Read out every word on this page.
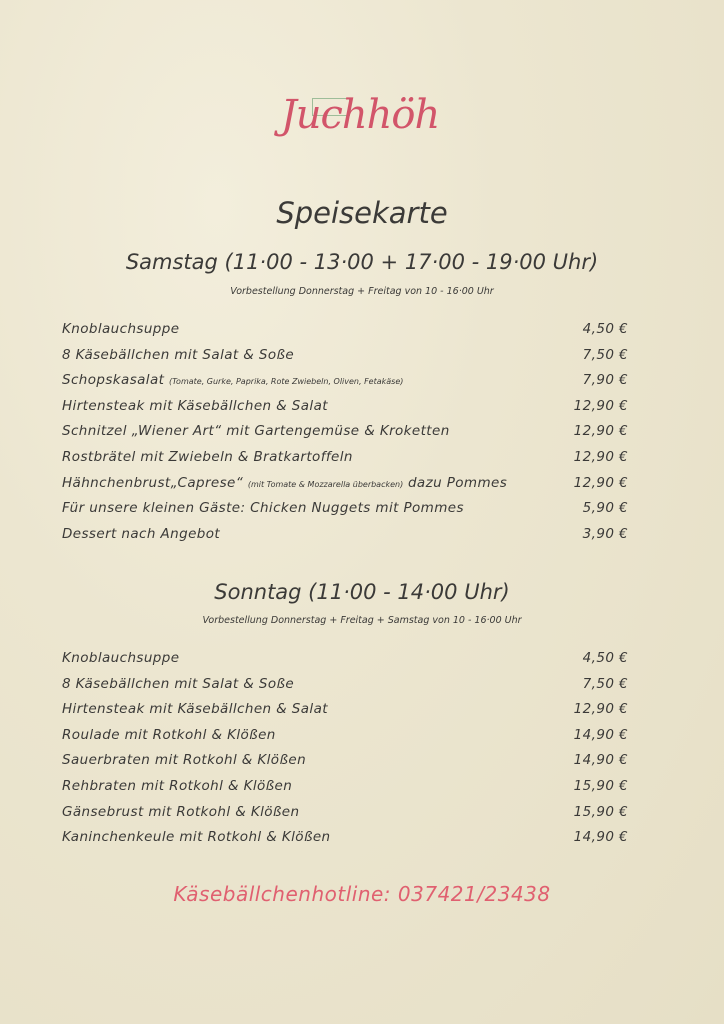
Juchhöh
Speisekarte
Samstag (11·00 - 13·00 + 17·00 - 19·00 Uhr)
Vorbestellung Donnerstag + Freitag von 10 - 16·00 Uhr
Knoblauchsuppe	4,50 €
8 Käsebällchen mit Salat & Soße	7,50 €
Schopskasalat (Tomate, Gurke, Paprika, Rote Zwiebeln, Oliven, Fetakäse)	7,90 €
Hirtensteak mit Käsebällchen & Salat	12,90 €
Schnitzel „Wiener Art“ mit Gartengemüse & Kroketten	12,90 €
Rostbrätel mit Zwiebeln & Bratkartoffeln	12,90 €
Hähnchenbrust„Caprese“ (mit Tomate & Mozzarella überbacken) dazu Pommes	12,90 €
Für unsere kleinen Gäste: Chicken Nuggets mit Pommes	5,90 €
Dessert nach Angebot	3,90 €
Sonntag (11·00 - 14·00 Uhr)
Vorbestellung Donnerstag + Freitag + Samstag von 10 - 16·00 Uhr
Knoblauchsuppe	4,50 €
8 Käsebällchen mit Salat & Soße	7,50 €
Hirtensteak mit Käsebällchen & Salat	12,90 €
Roulade mit Rotkohl & Klößen	14,90 €
Sauerbraten mit Rotkohl & Klößen	14,90 €
Rehbraten mit Rotkohl & Klößen	15,90 €
Gänsebrust mit Rotkohl & Klößen	15,90 €
Kaninchenkeule mit Rotkohl & Klößen	14,90 €
Käsebällchenhotline: 037421/23438
